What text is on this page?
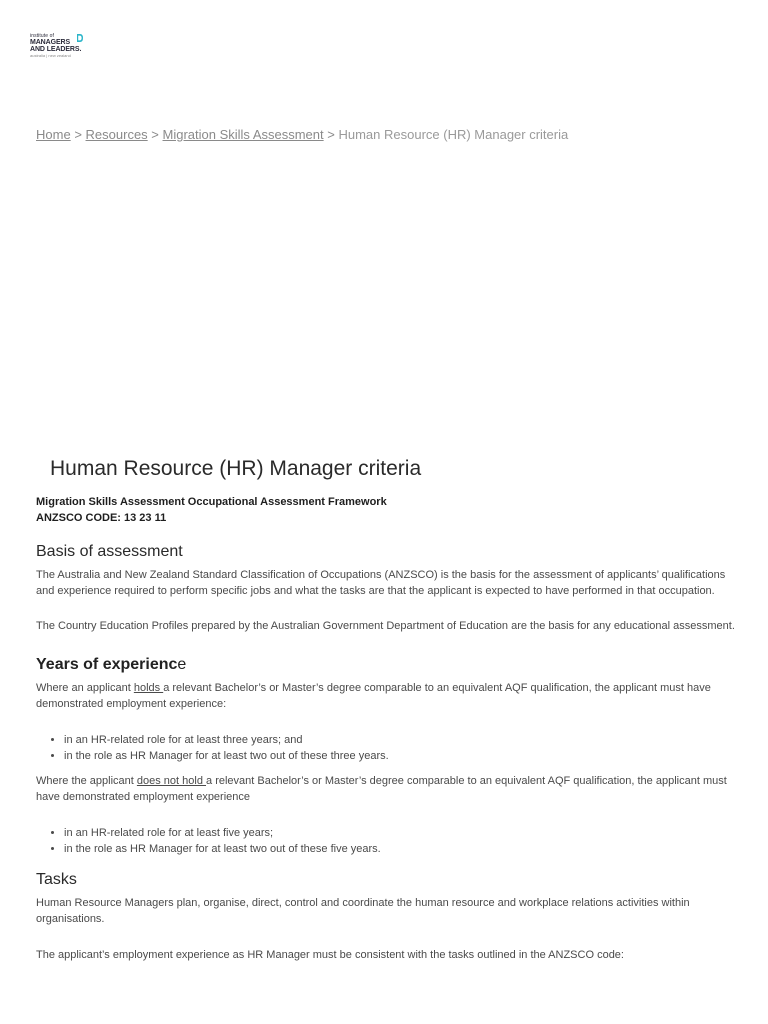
institute of
MANAGERS
AND LEADERS.
australia | new zealand
Home > Resources > Migration Skills Assessment > Human Resource (HR) Manager criteria
Human Resource (HR) Manager criteria
Migration Skills Assessment Occupational Assessment Framework
ANZSCO CODE: 13 23 11
Basis of assessment

The Australia and New Zealand Standard Classification of Occupations (ANZSCO) is the basis for the assessment of applicants’ qualifications and experience required to perform specific jobs and what the tasks are that the applicant is expected to have performed in that occupation.

The Country Education Profiles prepared by the Australian Government Department of Education are the basis for any educational assessment.

Years of experience

Where an applicant holds a relevant Bachelor’s or Master’s degree comparable to an equivalent AQF qualification, the applicant must have demonstrated employment experience:

• in an HR-related role for at least three years; and
• in the role as HR Manager for at least two out of these three years.

Where the applicant does not hold a relevant Bachelor’s or Master’s degree comparable to an equivalent AQF qualification, the applicant must have demonstrated employment experience

• in an HR-related role for at least five years;
• in the role as HR Manager for at least two out of these five years.
Tasks

Human Resource Managers plan, organise, direct, control and coordinate the human resource and workplace relations activities within organisations.

The applicant’s employment experience as HR Manager must be consistent with the tasks outlined in the ANZSCO code:
